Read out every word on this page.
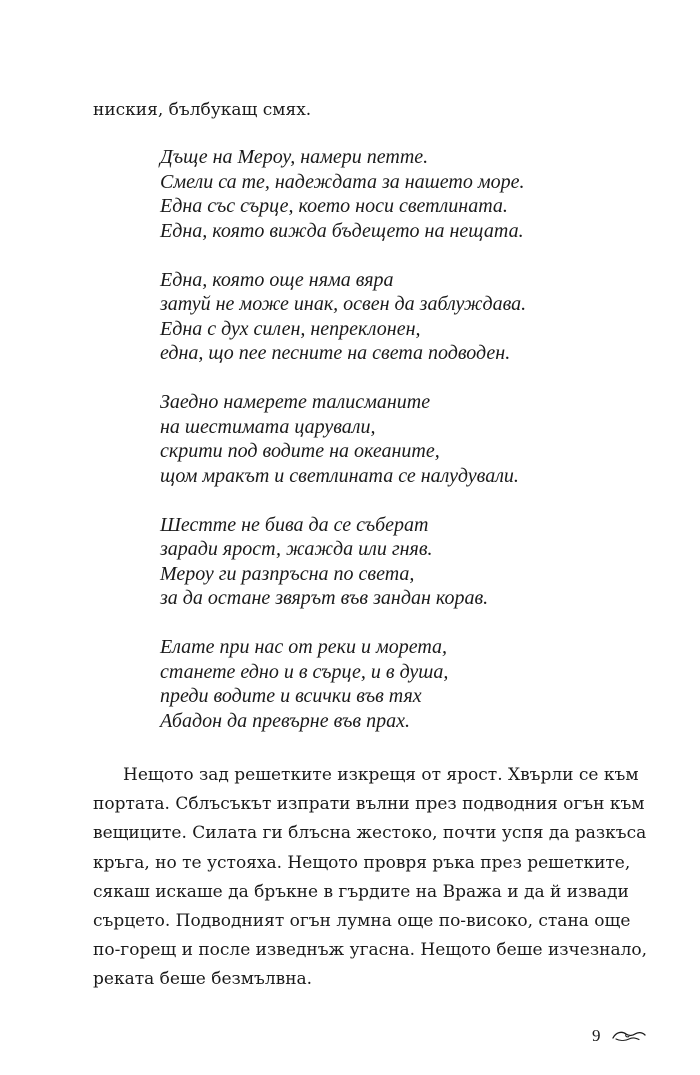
ниския, бълбукащ смях.

Дъще на Мероу, намери петте.
Смели са те, надеждата за нашето море.
Една със сърце, което носи светлината.
Една, която вижда бъдещето на нещата.
Една, която още няма вяра
затуй не може инак, освен да заблуждава.
Една с дух силен, непреклонен,
една, що пее песните на света подводен.
Заедно намерете талисманите
на шестимата царували,
скрити под водите на океаните,
щом мракът и светлината се налудували.
Шестте не бива да се съберат
заради ярост, жажда или гняв.
Мероу ги разпръсна по света,
за да остане звярът във зандан корав.
Елате при нас от реки и морета,
станете едно и в сърце, и в душа,
преди водите и всички във тях
Абадон да превърне във прах.

Нещото зад решетките изкрещя от ярост. Хвърли се към
портата. Сблъсъкът изпрати вълни през подводния огън към
вещиците. Силата ги блъсна жестоко, почти успя да разкъса
кръга, но те устояха. Нещото провря ръка през решетките,
сякаш искаше да бръкне в гърдите на Вража и да й извади
сърцето. Подводният огън лумна още по-високо, стана още
по-горещ и после изведнъж угасна. Нещото беше изчезнало,
реката беше безмълвна.

9
